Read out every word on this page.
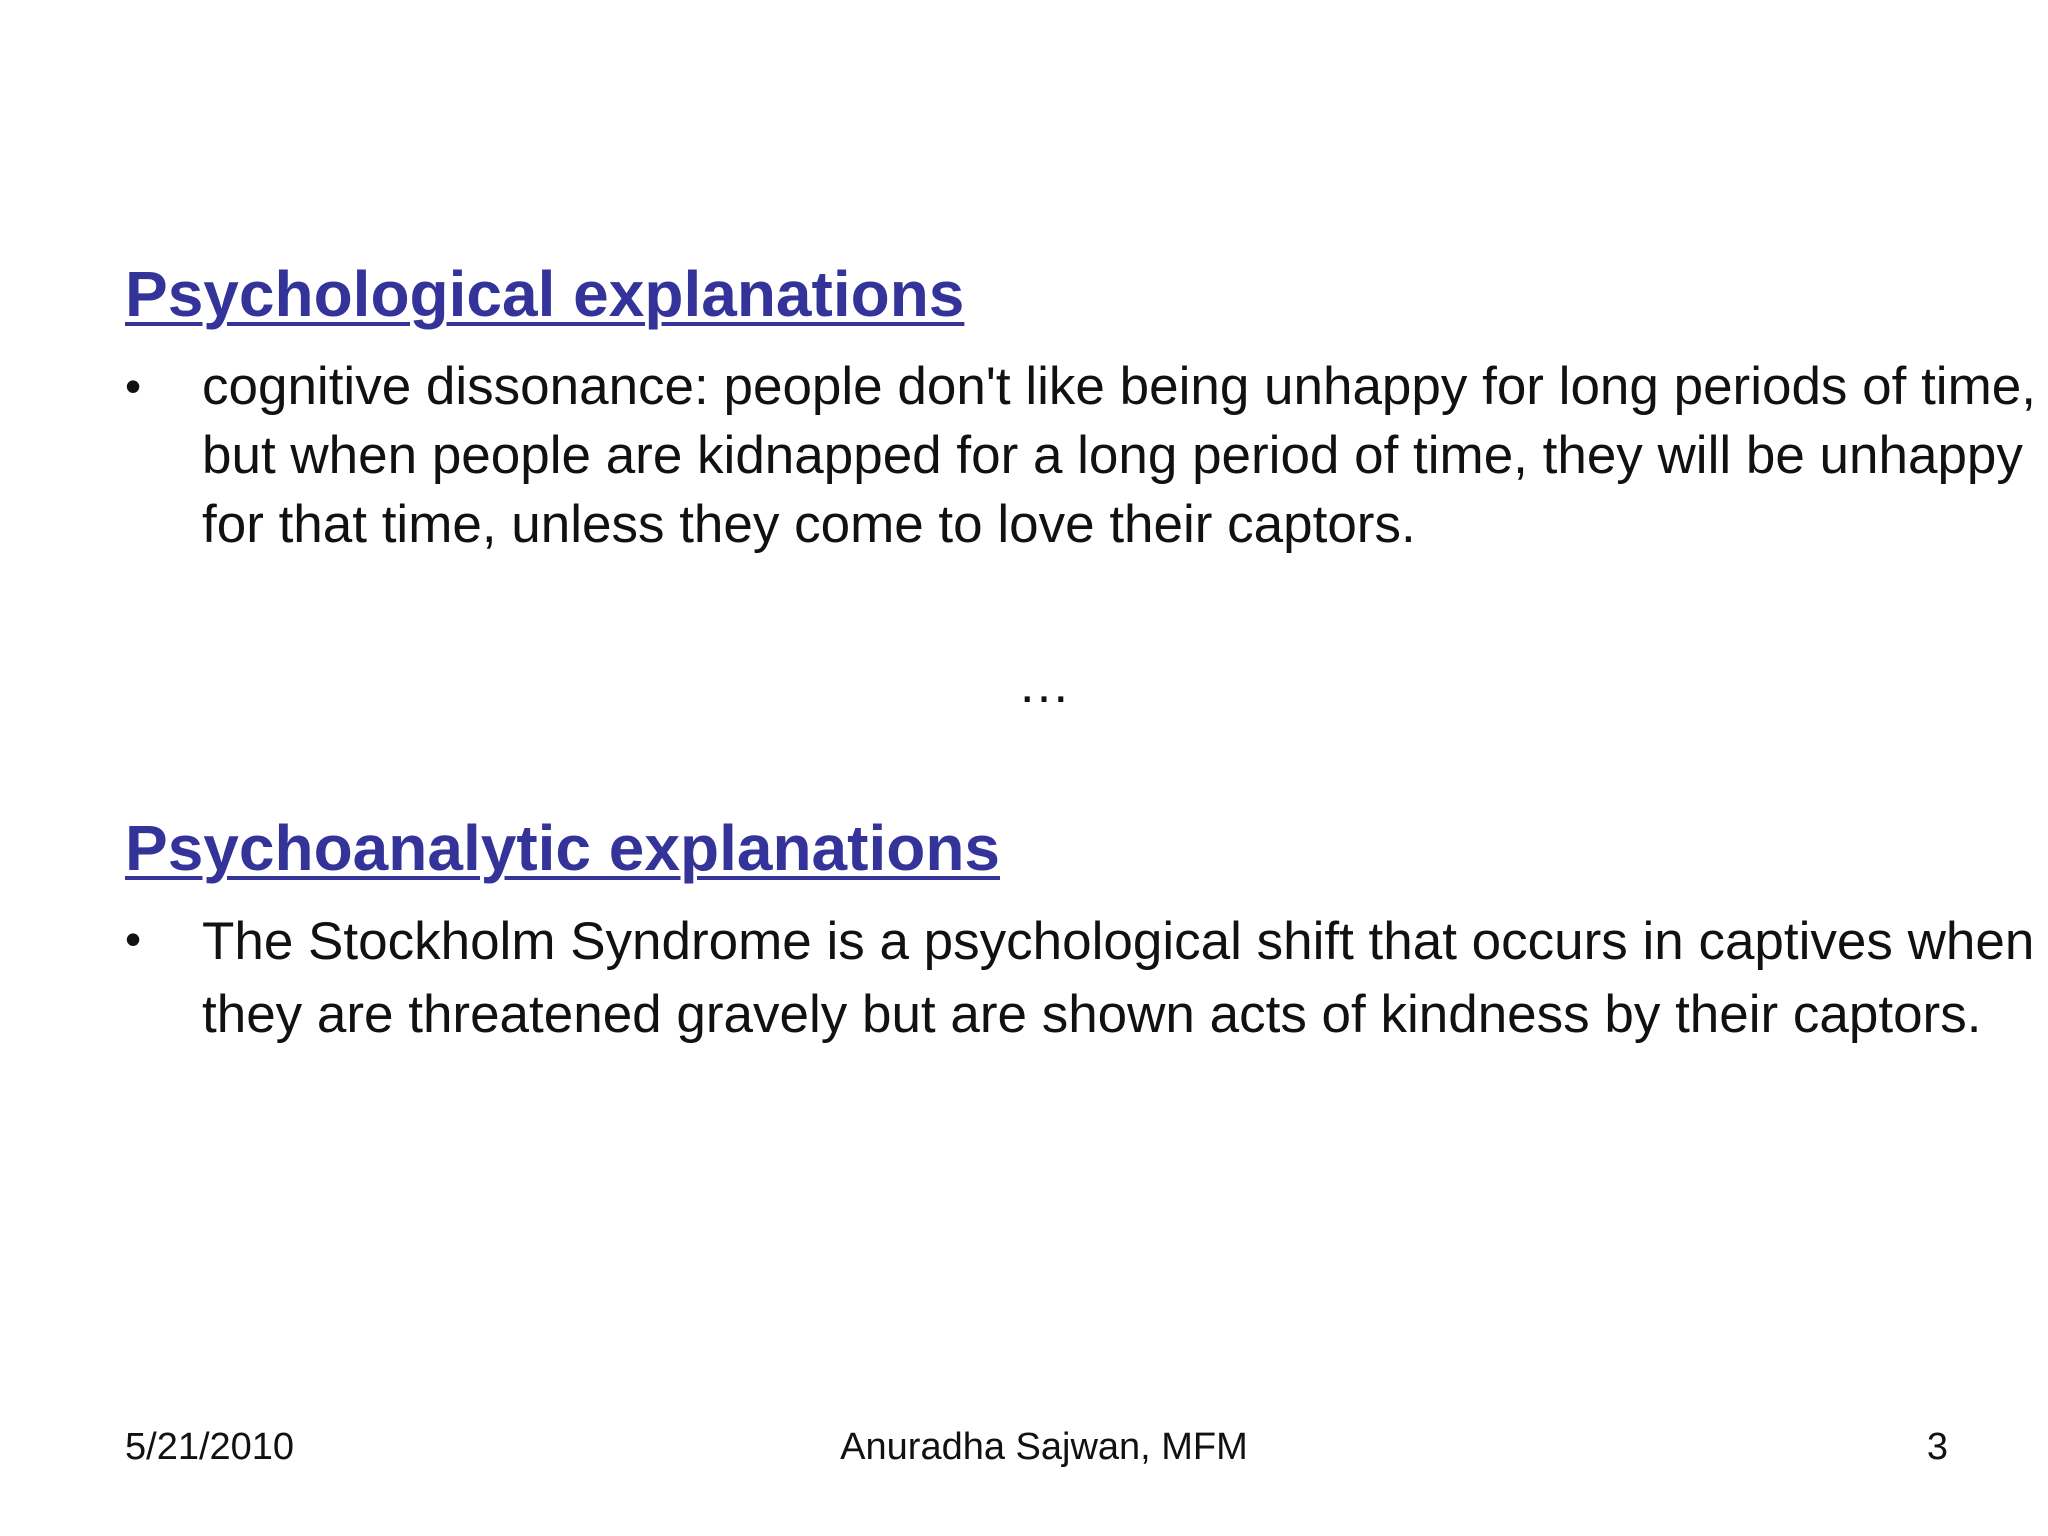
Psychological explanations
• cognitive dissonance: people don't like being unhappy for long periods of time, but when people are kidnapped for a long period of time, they will be unhappy for that time, unless they come to love their captors.

…
Psychoanalytic explanations
• The Stockholm Syndrome is a psychological shift that occurs in captives when they are threatened gravely but are shown acts of kindness by their captors.

5/21/2010	Anuradha Sajwan, MFM	3
